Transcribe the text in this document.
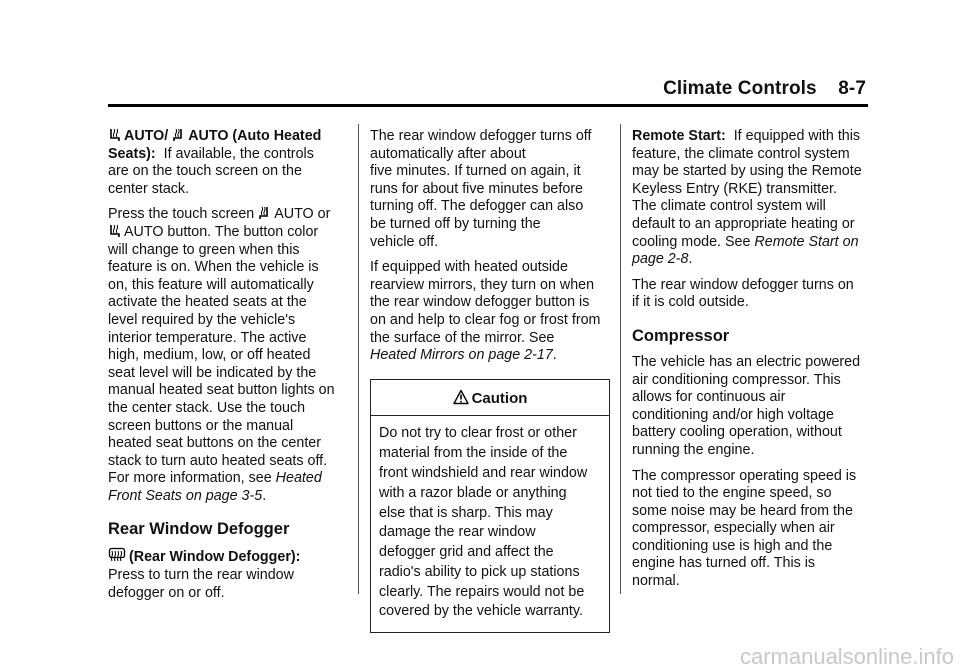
Climate Controls 8-7

AUTO/ AUTO (Auto Heated
Seats): If available, the controls
are on the touch screen on the
center stack.

Press the touch screen AUTO or
AUTO button. The button color
will change to green when this
feature is on. When the vehicle is
on, this feature will automatically
activate the heated seats at the
level required by the vehicle's
interior temperature. The active
high, medium, low, or off heated
seat level will be indicated by the
manual heated seat button lights on
the center stack. Use the touch
screen buttons or the manual
heated seat buttons on the center
stack to turn auto heated seats off.
For more information, see Heated
Front Seats on page 3-5.

Rear Window Defogger

(Rear Window Defogger):
Press to turn the rear window
defogger on or off.

The rear window defogger turns off
automatically after about
five minutes. If turned on again, it
runs for about five minutes before
turning off. The defogger can also
be turned off by turning the
vehicle off.

If equipped with heated outside
rearview mirrors, they turn on when
the rear window defogger button is
on and help to clear fog or frost from
the surface of the mirror. See
Heated Mirrors on page 2-17.

Caution
Do not try to clear frost or other
material from the inside of the
front windshield and rear window
with a razor blade or anything
else that is sharp. This may
damage the rear window
defogger grid and affect the
radio's ability to pick up stations
clearly. The repairs would not be
covered by the vehicle warranty.

Remote Start: If equipped with this
feature, the climate control system
may be started by using the Remote
Keyless Entry (RKE) transmitter.
The climate control system will
default to an appropriate heating or
cooling mode. See Remote Start on
page 2-8.

The rear window defogger turns on
if it is cold outside.

Compressor

The vehicle has an electric powered
air conditioning compressor. This
allows for continuous air
conditioning and/or high voltage
battery cooling operation, without
running the engine.

The compressor operating speed is
not tied to the engine speed, so
some noise may be heard from the
compressor, especially when air
conditioning use is high and the
engine has turned off. This is
normal.

carmanualsonline.info
